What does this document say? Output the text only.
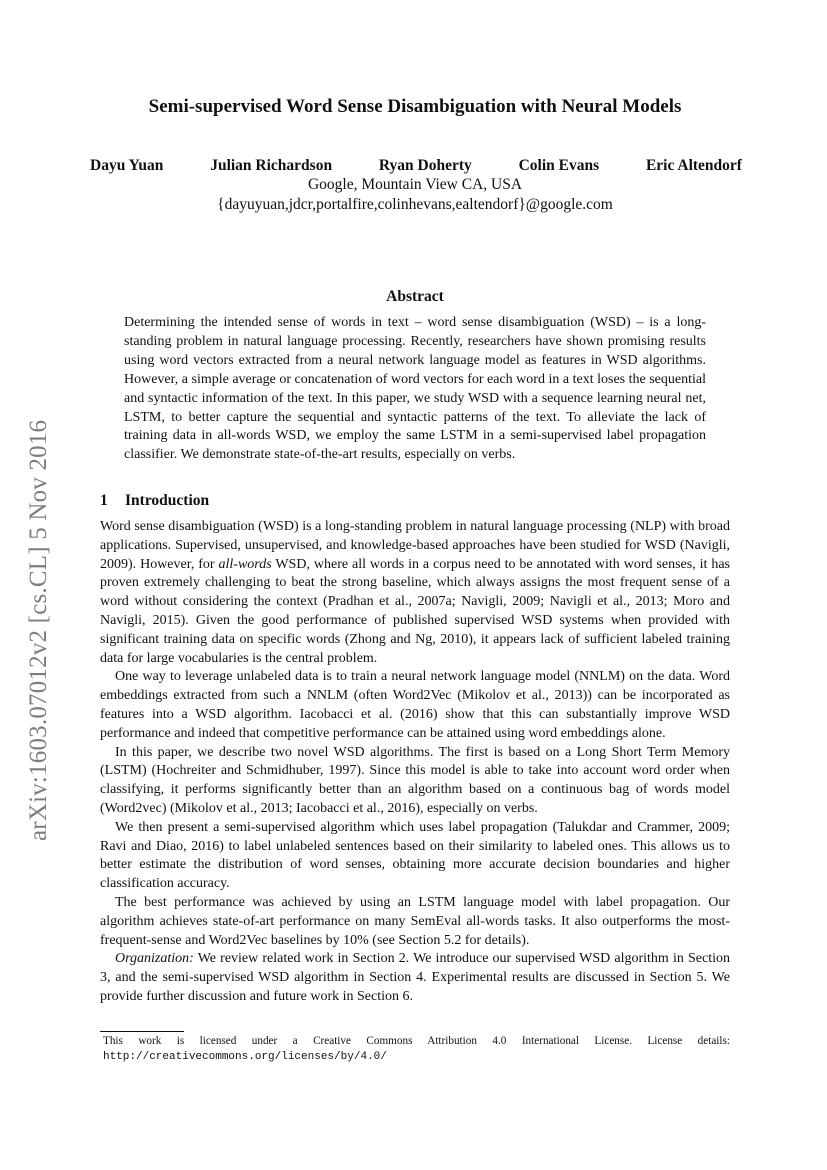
arXiv:1603.07012v2 [cs.CL] 5 Nov 2016
Semi-supervised Word Sense Disambiguation with Neural Models
Dayu Yuan	Julian Richardson	Ryan Doherty	Colin Evans	Eric Altendorf
Google, Mountain View CA, USA
{dayuyuan,jdcr,portalfire,colinhevans,ealtendorf}@google.com
Abstract

Determining the intended sense of words in text – word sense disambiguation (WSD) – is a long-standing problem in natural language processing. Recently, researchers have shown promising results using word vectors extracted from a neural network language model as features in WSD algorithms. However, a simple average or concatenation of word vectors for each word in a text loses the sequential and syntactic information of the text. In this paper, we study WSD with a sequence learning neural net, LSTM, to better capture the sequential and syntactic patterns of the text. To alleviate the lack of training data in all-words WSD, we employ the same LSTM in a semi-supervised label propagation classifier. We demonstrate state-of-the-art results, especially on verbs.

1 Introduction

Word sense disambiguation (WSD) is a long-standing problem in natural language processing (NLP) with broad applications. Supervised, unsupervised, and knowledge-based approaches have been studied for WSD (Navigli, 2009). However, for all-words WSD, where all words in a corpus need to be annotated with word senses, it has proven extremely challenging to beat the strong baseline, which always assigns the most frequent sense of a word without considering the context (Pradhan et al., 2007a; Navigli, 2009; Navigli et al., 2013; Moro and Navigli, 2015). Given the good performance of published supervised WSD systems when provided with significant training data on specific words (Zhong and Ng, 2010), it appears lack of sufficient labeled training data for large vocabularies is the central problem.

One way to leverage unlabeled data is to train a neural network language model (NNLM) on the data. Word embeddings extracted from such a NNLM (often Word2Vec (Mikolov et al., 2013)) can be incorporated as features into a WSD algorithm. Iacobacci et al. (2016) show that this can substantially improve WSD performance and indeed that competitive performance can be attained using word embeddings alone.

In this paper, we describe two novel WSD algorithms. The first is based on a Long Short Term Memory (LSTM) (Hochreiter and Schmidhuber, 1997). Since this model is able to take into account word order when classifying, it performs significantly better than an algorithm based on a continuous bag of words model (Word2vec) (Mikolov et al., 2013; Iacobacci et al., 2016), especially on verbs.

We then present a semi-supervised algorithm which uses label propagation (Talukdar and Crammer, 2009; Ravi and Diao, 2016) to label unlabeled sentences based on their similarity to labeled ones. This allows us to better estimate the distribution of word senses, obtaining more accurate decision boundaries and higher classification accuracy.

The best performance was achieved by using an LSTM language model with label propagation. Our algorithm achieves state-of-art performance on many SemEval all-words tasks. It also outperforms the most-frequent-sense and Word2Vec baselines by 10% (see Section 5.2 for details).

Organization: We review related work in Section 2. We introduce our supervised WSD algorithm in Section 3, and the semi-supervised WSD algorithm in Section 4. Experimental results are discussed in Section 5. We provide further discussion and future work in Section 6.

This work is licensed under a Creative Commons Attribution 4.0 International License. License details: http://creativecommons.org/licenses/by/4.0/
